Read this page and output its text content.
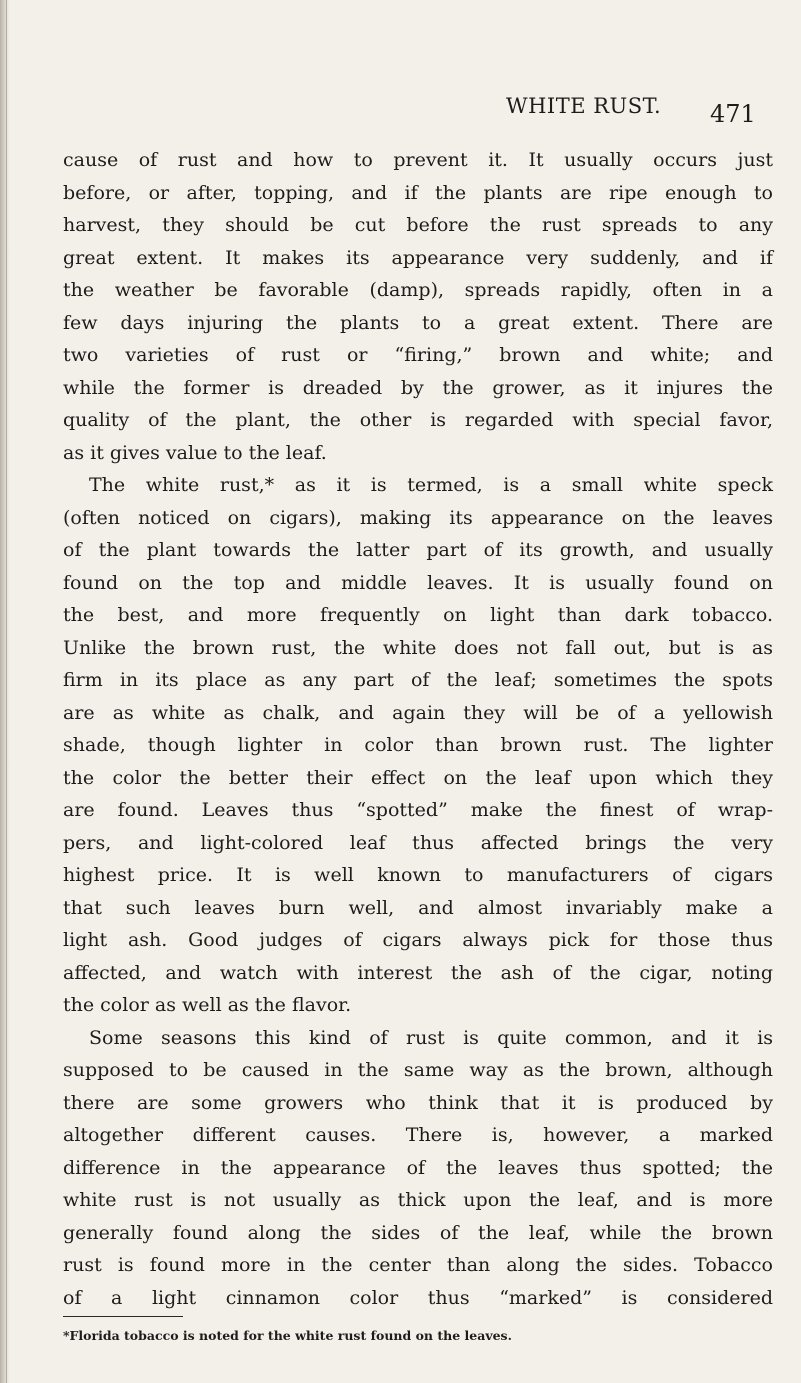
WHITE RUST. 471
cause of rust and how to prevent it. It usually occurs just
before, or after, topping, and if the plants are ripe enough to
harvest, they should be cut before the rust spreads to any
great extent. It makes its appearance very suddenly, and if
the weather be favorable (damp), spreads rapidly, often in a
few days injuring the plants to a great extent. There are
two varieties of rust or “firing,” brown and white; and
while the former is dreaded by the grower, as it injures the
quality of the plant, the other is regarded with special favor,
as it gives value to the leaf.
The white rust,* as it is termed, is a small white speck
(often noticed on cigars), making its appearance on the leaves
of the plant towards the latter part of its growth, and usually
found on the top and middle leaves. It is usually found on
the best, and more frequently on light than dark tobacco.
Unlike the brown rust, the white does not fall out, but is as
firm in its place as any part of the leaf; sometimes the spots
are as white as chalk, and again they will be of a yellowish
shade, though lighter in color than brown rust. The lighter
the color the better their effect on the leaf upon which they
are found. Leaves thus “spotted” make the finest of wrap-
pers, and light-colored leaf thus affected brings the very
highest price. It is well known to manufacturers of cigars
that such leaves burn well, and almost invariably make a
light ash. Good judges of cigars always pick for those thus
affected, and watch with interest the ash of the cigar, noting
the color as well as the flavor.
Some seasons this kind of rust is quite common, and it is
supposed to be caused in the same way as the brown, although
there are some growers who think that it is produced by
altogether different causes. There is, however, a marked
difference in the appearance of the leaves thus spotted; the
white rust is not usually as thick upon the leaf, and is more
generally found along the sides of the leaf, while the brown
rust is found more in the center than along the sides. Tobacco
of a light cinnamon color thus “marked” is considered
*Florida tobacco is noted for the white rust found on the leaves.
